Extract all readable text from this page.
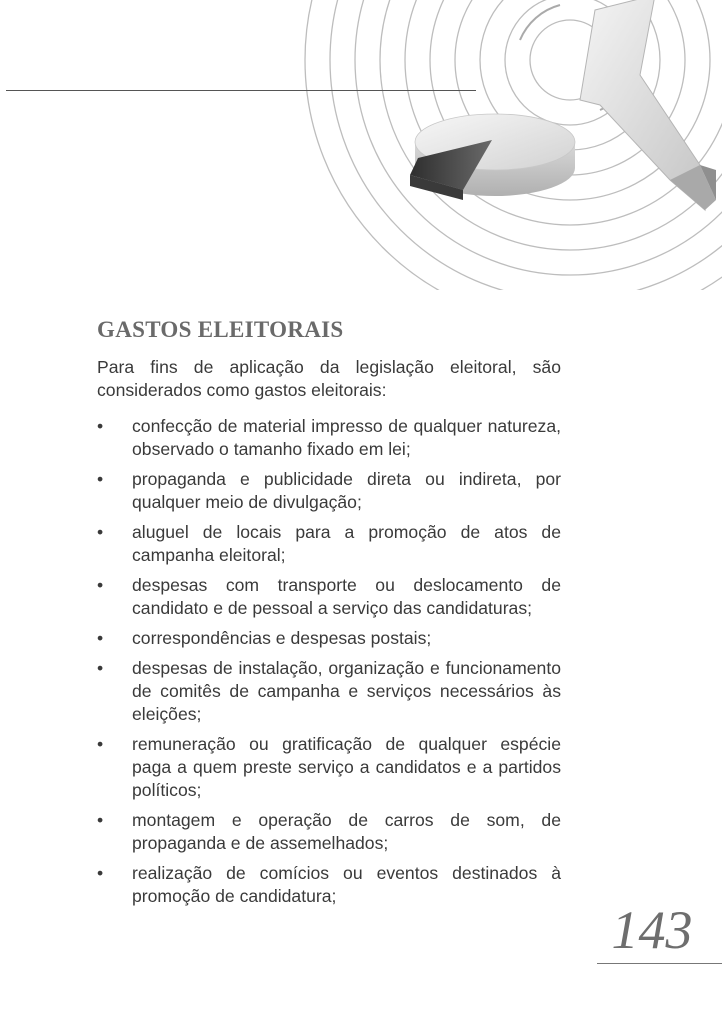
GASTOS ELEITORAIS

Para fins de aplicação da legislação eleitoral, são considerados como gastos eleitorais:

•	confecção de material impresso de qualquer natureza, observado o tamanho fixado em lei;
•	propaganda e publicidade direta ou indireta, por qualquer meio de divulgação;
•	aluguel de locais para a promoção de atos de campanha eleitoral;
•	despesas com transporte ou deslocamento de candidato e de pessoal a serviço das candidaturas;
•	correspondências e despesas postais;
•	despesas de instalação, organização e funcionamento de comitês de campanha e serviços necessários às eleições;
•	remuneração ou gratificação de qualquer espécie paga a quem preste serviço a candidatos e a partidos políticos;
•	montagem e operação de carros de som, de propaganda e de assemelhados;
•	realização de comícios ou eventos destinados à promoção de candidatura;
143
